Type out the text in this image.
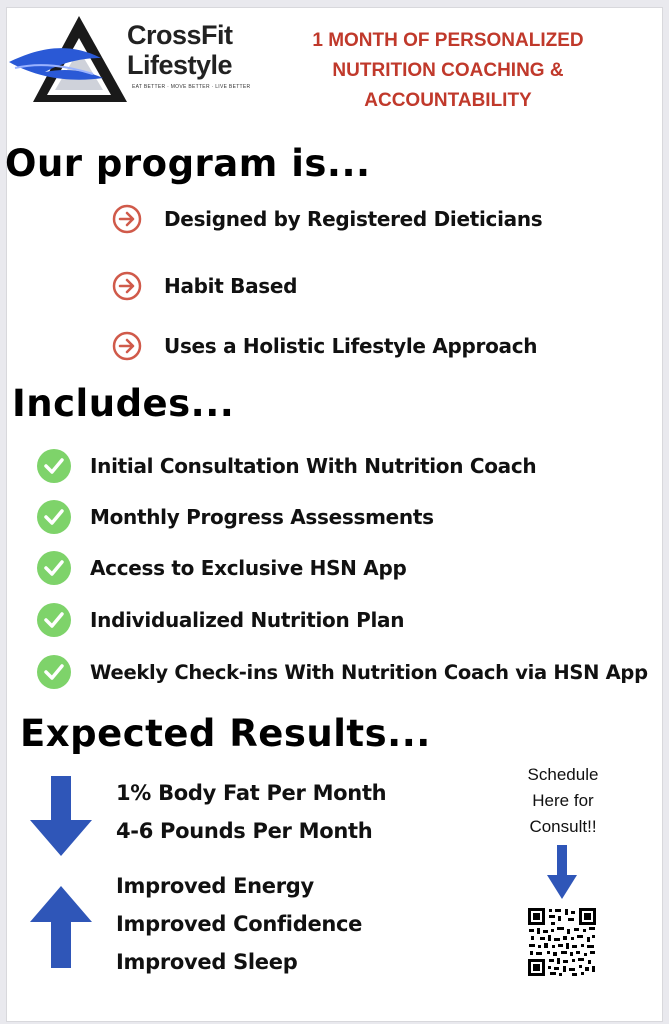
CrossFit
Lifestyle
EAT BETTER · MOVE BETTER · LIVE BETTER
1 MONTH OF PERSONALIZED
NUTRITION COACHING &
ACCOUNTABILITY
Our program is...
Designed by Registered Dieticians
Habit Based
Uses a Holistic Lifestyle Approach
Includes...
Initial Consultation With Nutrition Coach
Monthly Progress Assessments
Access to Exclusive HSN App
Individualized Nutrition Plan
Weekly Check-ins With Nutrition Coach via HSN App
Expected Results...
1% Body Fat Per Month
4-6 Pounds Per Month
Improved Energy
Improved Confidence
Improved Sleep
Schedule
Here for
Consult!!
